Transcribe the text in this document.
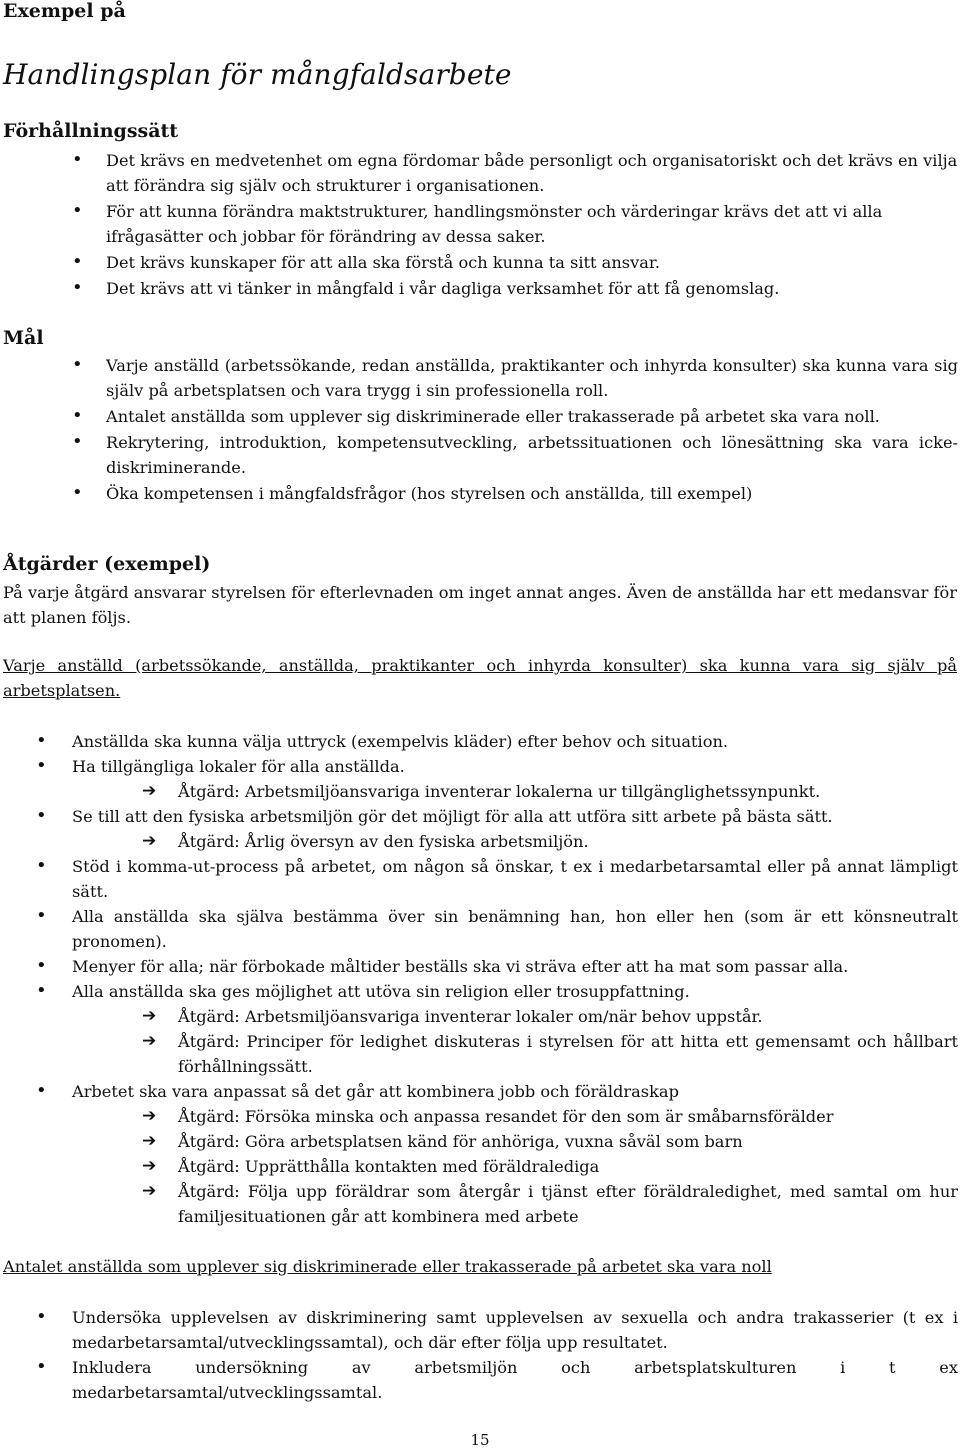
Exempel på
Handlingsplan för mångfaldsarbete
Förhållningssätt
• Det krävs en medvetenhet om egna fördomar både personligt och organisatoriskt och det krävs en vilja att förändra sig själv och strukturer i organisationen.
• För att kunna förändra maktstrukturer, handlingsmönster och värderingar krävs det att vi alla ifrågasätter och jobbar för förändring av dessa saker.
• Det krävs kunskaper för att alla ska förstå och kunna ta sitt ansvar.
• Det krävs att vi tänker in mångfald i vår dagliga verksamhet för att få genomslag.
Mål
• Varje anställd (arbetssökande, redan anställda, praktikanter och inhyrda konsulter) ska kunna vara sig själv på arbetsplatsen och vara trygg i sin professionella roll.
• Antalet anställda som upplever sig diskriminerade eller trakasserade på arbetet ska vara noll.
• Rekrytering, introduktion, kompetensutveckling, arbetssituationen och lönesättning ska vara icke-diskriminerande.
• Öka kompetensen i mångfaldsfrågor (hos styrelsen och anställda, till exempel)
Åtgärder (exempel)
På varje åtgärd ansvarar styrelsen för efterlevnaden om inget annat anges. Även de anställda har ett medansvar för att planen följs.
Varje anställd (arbetssökande, anställda, praktikanter och inhyrda konsulter) ska kunna vara sig själv på arbetsplatsen.
• Anställda ska kunna välja uttryck (exempelvis kläder) efter behov och situation.
• Ha tillgängliga lokaler för alla anställda.
➔ Åtgärd: Arbetsmiljöansvariga inventerar lokalerna ur tillgänglighetssynpunkt.
• Se till att den fysiska arbetsmiljön gör det möjligt för alla att utföra sitt arbete på bästa sätt.
➔ Åtgärd: Årlig översyn av den fysiska arbetsmiljön.
• Stöd i komma-ut-process på arbetet, om någon så önskar, t ex i medarbetarsamtal eller på annat lämpligt sätt.
• Alla anställda ska själva bestämma över sin benämning han, hon eller hen (som är ett könsneutralt pronomen).
• Menyer för alla; när förbokade måltider beställs ska vi sträva efter att ha mat som passar alla.
• Alla anställda ska ges möjlighet att utöva sin religion eller trosuppfattning.
➔ Åtgärd: Arbetsmiljöansvariga inventerar lokaler om/när behov uppstår.
➔ Åtgärd: Principer för ledighet diskuteras i styrelsen för att hitta ett gemensamt och hållbart förhållningssätt.
• Arbetet ska vara anpassat så det går att kombinera jobb och föräldraskap
➔ Åtgärd: Försöka minska och anpassa resandet för den som är småbarnsförälder
➔ Åtgärd: Göra arbetsplatsen känd för anhöriga, vuxna såväl som barn
➔ Åtgärd: Upprätthålla kontakten med föräldralediga
➔ Åtgärd: Följa upp föräldrar som återgår i tjänst efter föräldraledighet, med samtal om hur familjesituationen går att kombinera med arbete
Antalet anställda som upplever sig diskriminerade eller trakasserade på arbetet ska vara noll
• Undersöka upplevelsen av diskriminering samt upplevelsen av sexuella och andra trakasserier (t ex i medarbetarsamtal/utvecklingssamtal), och där efter följa upp resultatet.
• Inkludera undersökning av arbetsmiljön och arbetsplatskulturen i t ex medarbetarsamtal/utvecklingssamtal.
15
